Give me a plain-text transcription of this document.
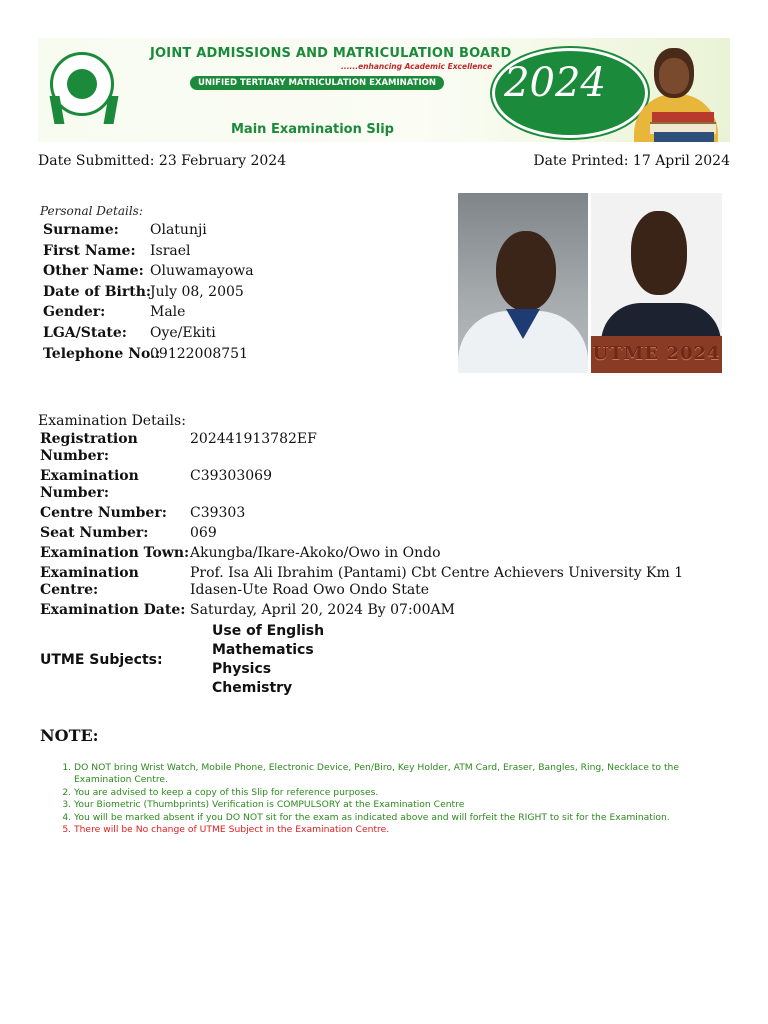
JOINT ADMISSIONS AND MATRICULATION BOARD
......enhancing Academic Excellence
UNIFIED TERTIARY MATRICULATION EXAMINATION
Main Examination Slip
2024
Date Submitted: 23 February 2024	Date Printed: 17 April 2024
Personal Details:
Surname:	Olatunji
First Name:	Israel
Other Name: Oluwamayowa
Date of Birth:
July 08, 2005
Gender:	Male
LGA/State:	Oye/Ekiti
Telephone No.:
09122008751	UTME 2024
Examination Details:
Registration Number:
202441913782EF
Examination Number:
C39303069
Centre Number:	C39303
Seat Number:	069
Examination Town: Akungba/Ikare-Akoko/Owo in Ondo
Examination Centre:
Prof. Isa Ali Ibrahim (Pantami) Cbt Centre Achievers University Km 1 Idasen-Ute Road Owo Ondo State
Examination Date: Saturday, April 20, 2024 By 07:00AM
UTME Subjects:
Use of English
Mathematics
Physics
Chemistry
NOTE:
1. DO NOT bring Wrist Watch, Mobile Phone, Electronic Device, Pen/Biro, Key Holder, ATM Card, Eraser, Bangles, Ring, Necklace to the Examination Centre.
2. You are advised to keep a copy of this Slip for reference purposes.
3. Your Biometric (Thumbprints) Verification is COMPULSORY at the Examination Centre
4. You will be marked absent if you DO NOT sit for the exam as indicated above and will forfeit the RIGHT to sit for the Examination.
5. There will be No change of UTME Subject in the Examination Centre.
